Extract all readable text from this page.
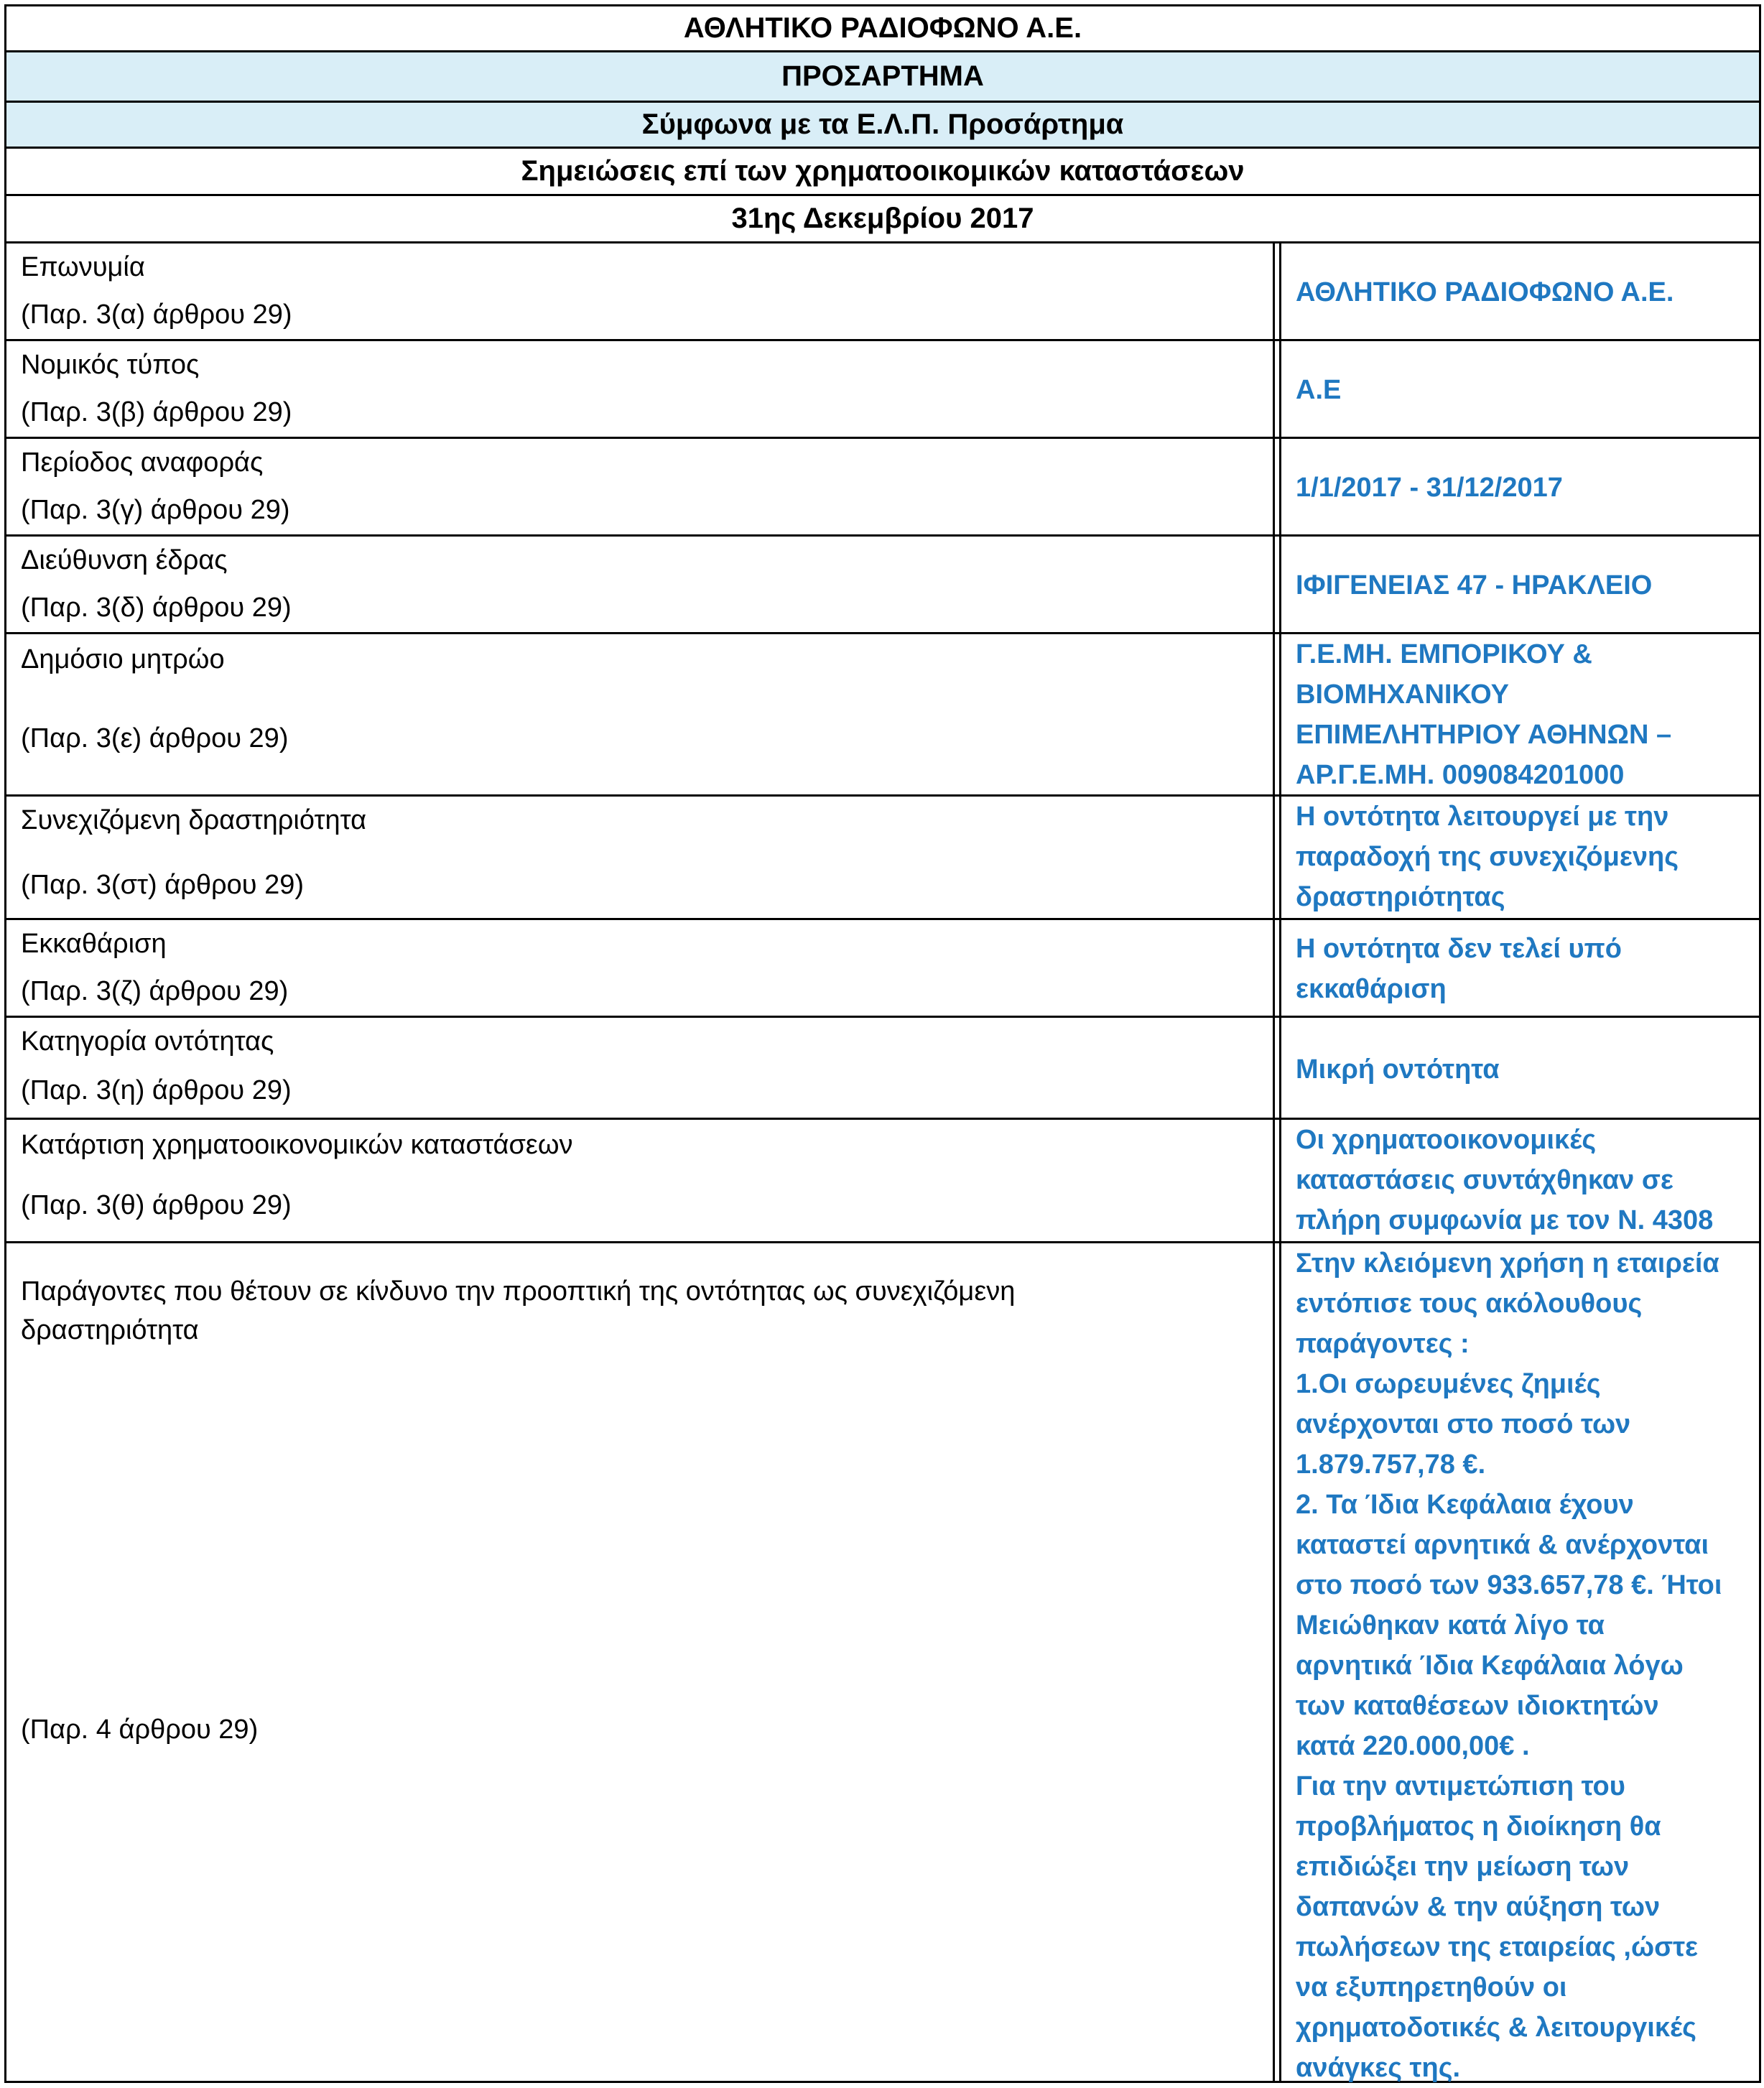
ΑΘΛΗΤΙΚΟ ΡΑΔΙΟΦΩΝΟ Α.Ε.
ΠΡΟΣΑΡΤΗΜΑ
Σύμφωνα με τα Ε.Λ.Π. Προσάρτημα
Σημειώσεις επί των χρηματοοικομικών καταστάσεων
31ης Δεκεμβρίου 2017
Επωνυμία
(Παρ. 3(α) άρθρου 29)
ΑΘΛΗΤΙΚΟ ΡΑΔΙΟΦΩΝΟ Α.Ε.
Νομικός τύπος
(Παρ. 3(β) άρθρου 29)
Α.Ε
Περίοδος αναφοράς
(Παρ. 3(γ) άρθρου 29)
1/1/2017 - 31/12/2017
Διεύθυνση έδρας
(Παρ. 3(δ) άρθρου 29)
ΙΦΙΓΕΝΕΙΑΣ 47 - ΗΡΑΚΛΕΙΟ
Δημόσιο μητρώο
(Παρ. 3(ε) άρθρου 29)
Γ.Ε.ΜΗ. ΕΜΠΟΡΙΚΟΥ &
ΒΙΟΜΗΧΑΝΙΚΟΥ
ΕΠΙΜΕΛΗΤΗΡΙΟΥ ΑΘΗΝΩΝ –
ΑΡ.Γ.Ε.ΜΗ. 009084201000
Συνεχιζόμενη δραστηριότητα
(Παρ. 3(στ) άρθρου 29)
Η οντότητα λειτουργεί με την
παραδοχή της συνεχιζόμενης
δραστηριότητας
Εκκαθάριση
(Παρ. 3(ζ) άρθρου 29)
Η οντότητα δεν τελεί υπό
εκκαθάριση
Κατηγορία οντότητας
(Παρ. 3(η) άρθρου 29)
Μικρή οντότητα
Κατάρτιση χρηματοοικονομικών καταστάσεων
(Παρ. 3(θ) άρθρου 29)
Οι χρηματοοικονομικές
καταστάσεις συντάχθηκαν σε
πλήρη συμφωνία με τον Ν. 4308
Παράγοντες που θέτουν σε κίνδυνο την προοπτική της οντότητας ως συνεχιζόμενη
δραστηριότητα
(Παρ. 4 άρθρου 29)
Στην κλειόμενη χρήση η εταιρεία
εντόπισε τους ακόλουθους
παράγοντες :
1.Οι σωρευμένες ζημιές
ανέρχονται στο ποσό των
1.879.757,78 €.
2. Τα Ίδια Κεφάλαια έχουν
καταστεί αρνητικά & ανέρχονται
στο ποσό των 933.657,78 €. Ήτοι
Μειώθηκαν κατά λίγο τα
αρνητικά Ίδια Κεφάλαια λόγω
των καταθέσεων ιδιοκτητών
κατά 220.000,00€ .
Για την αντιμετώπιση του
προβλήματος η διοίκηση θα
επιδιώξει την μείωση των
δαπανών & την αύξηση των
πωλήσεων της εταιρείας ,ώστε
να εξυπηρετηθούν οι
χρηματοδοτικές & λειτουργικές
ανάγκες της.
